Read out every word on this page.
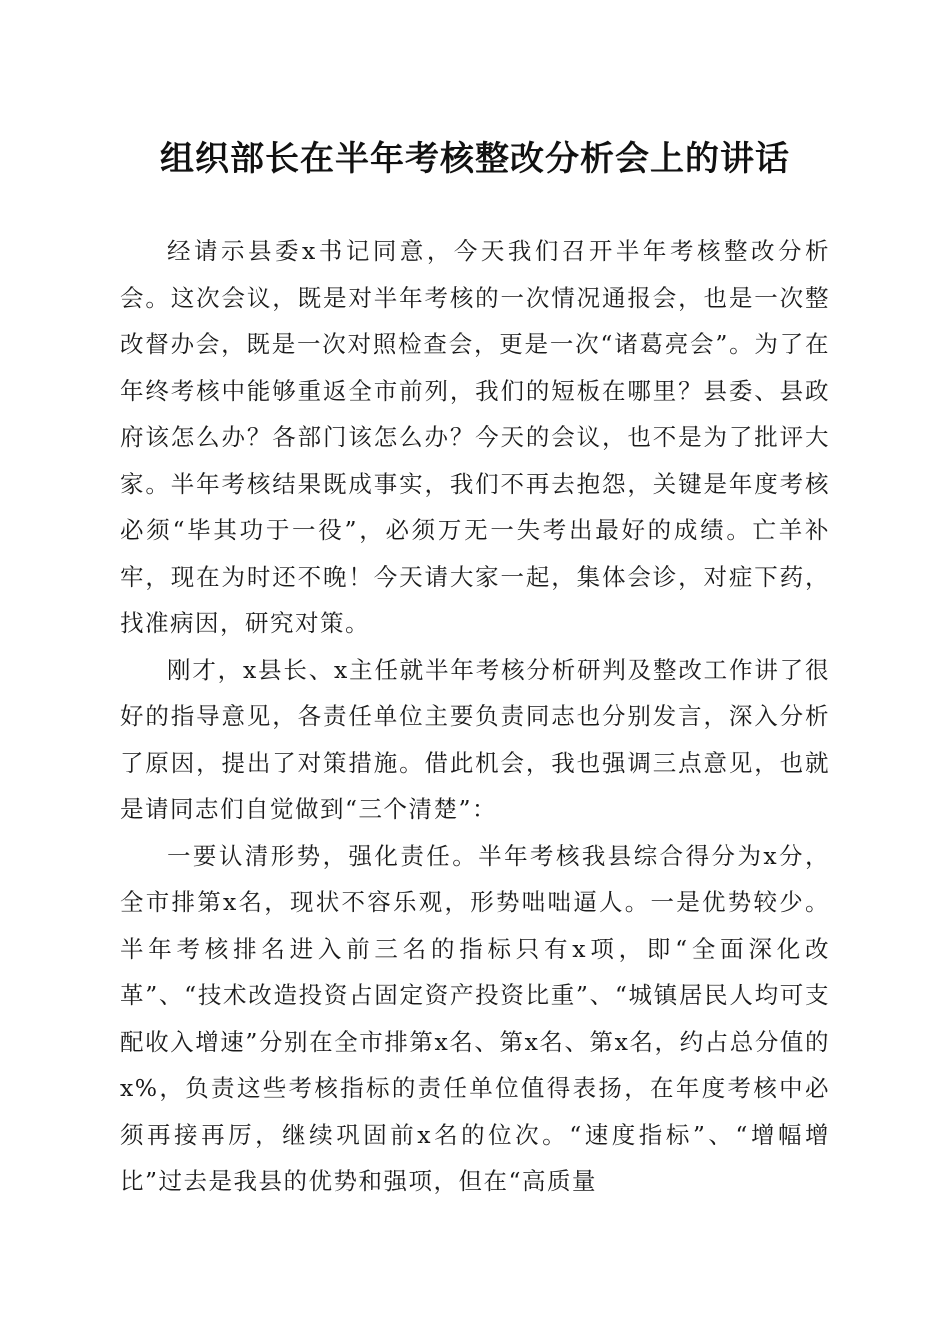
组织部长在半年考核整改分析会上的讲话

经请示县委x书记同意，今天我们召开半年考核整改分析会。这次会议，既是对半年考核的一次情况通报会，也是一次整改督办会，既是一次对照检查会，更是一次“诸葛亮会”。为了在年终考核中能够重返全市前列，我们的短板在哪里？县委、县政府该怎么办？各部门该怎么办？今天的会议，也不是为了批评大家。半年考核结果既成事实，我们不再去抱怨，关键是年度考核必须“毕其功于一役”，必须万无一失考出最好的成绩。亡羊补牢，现在为时还不晚！今天请大家一起，集体会诊，对症下药，找准病因，研究对策。

刚才，x县长、x主任就半年考核分析研判及整改工作讲了很好的指导意见，各责任单位主要负责同志也分别发言，深入分析了原因，提出了对策措施。借此机会，我也强调三点意见，也就是请同志们自觉做到“三个清楚”：

一要认清形势，强化责任。半年考核我县综合得分为x分，全市排第x名，现状不容乐观，形势咄咄逼人。一是优势较少。半年考核排名进入前三名的指标只有x项，即“全面深化改革”、“技术改造投资占固定资产投资比重”、“城镇居民人均可支配收入增速”分别在全市排第x名、第x名、第x名，约占总分值的x%，负责这些考核指标的责任单位值得表扬，在年度考核中必须再接再厉，继续巩固前x名的位次。“速度指标”、“增幅增比”过去是我县的优势和强项，但在“高质量
